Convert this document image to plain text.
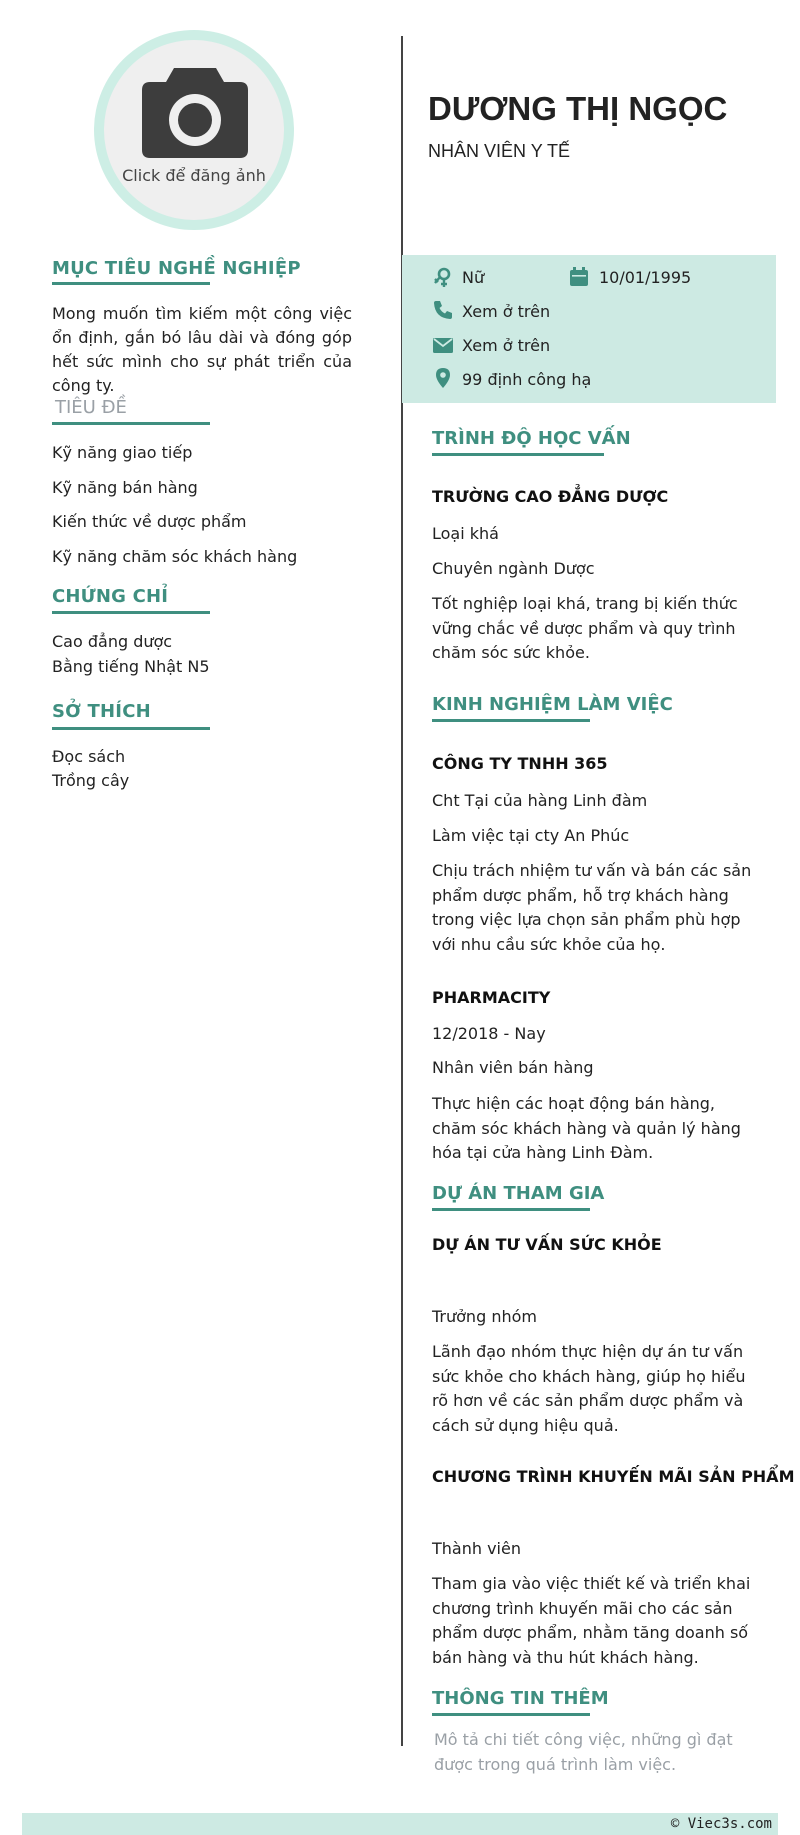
Click để đăng ảnh
MỤC TIÊU NGHỀ NGHIỆP
Mong muốn tìm kiếm một công việc ổn định, gắn bó lâu dài và đóng góp hết sức mình cho sự phát triển của công ty.
TIÊU ĐỀ
Kỹ năng giao tiếp
Kỹ năng bán hàng
Kiến thức về dược phẩm
Kỹ năng chăm sóc khách hàng
CHỨNG CHỈ
Cao đẳng dược
Bằng tiếng Nhật N5
SỞ THÍCH
Đọc sách
Trồng cây
DƯƠNG THỊ NGỌC
NHÂN VIÊN Y TẾ
Nữ	10/01/1995
Xem ở trên
Xem ở trên
99 định công hạ
TRÌNH ĐỘ HỌC VẤN
TRƯỜNG CAO ĐẲNG DƯỢC
Loại khá
Chuyên ngành Dược
Tốt nghiệp loại khá, trang bị kiến thức vững chắc về dược phẩm và quy trình chăm sóc sức khỏe.
KINH NGHIỆM LÀM VIỆC
CÔNG TY TNHH 365
Cht Tại của hàng Linh đàm
Làm việc tại cty An Phúc
Chịu trách nhiệm tư vấn và bán các sản phẩm dược phẩm, hỗ trợ khách hàng trong việc lựa chọn sản phẩm phù hợp với nhu cầu sức khỏe của họ.
PHARMACITY
12/2018 - Nay
Nhân viên bán hàng
Thực hiện các hoạt động bán hàng, chăm sóc khách hàng và quản lý hàng hóa tại cửa hàng Linh Đàm.
DỰ ÁN THAM GIA
DỰ ÁN TƯ VẤN SỨC KHỎE
Trưởng nhóm
Lãnh đạo nhóm thực hiện dự án tư vấn sức khỏe cho khách hàng, giúp họ hiểu rõ hơn về các sản phẩm dược phẩm và cách sử dụng hiệu quả.
CHƯƠNG TRÌNH KHUYẾN MÃI SẢN PHẨM
Thành viên
Tham gia vào việc thiết kế và triển khai chương trình khuyến mãi cho các sản phẩm dược phẩm, nhằm tăng doanh số bán hàng và thu hút khách hàng.
THÔNG TIN THÊM
Mô tả chi tiết công việc, những gì đạt được trong quá trình làm việc.
© Viec3s.com
